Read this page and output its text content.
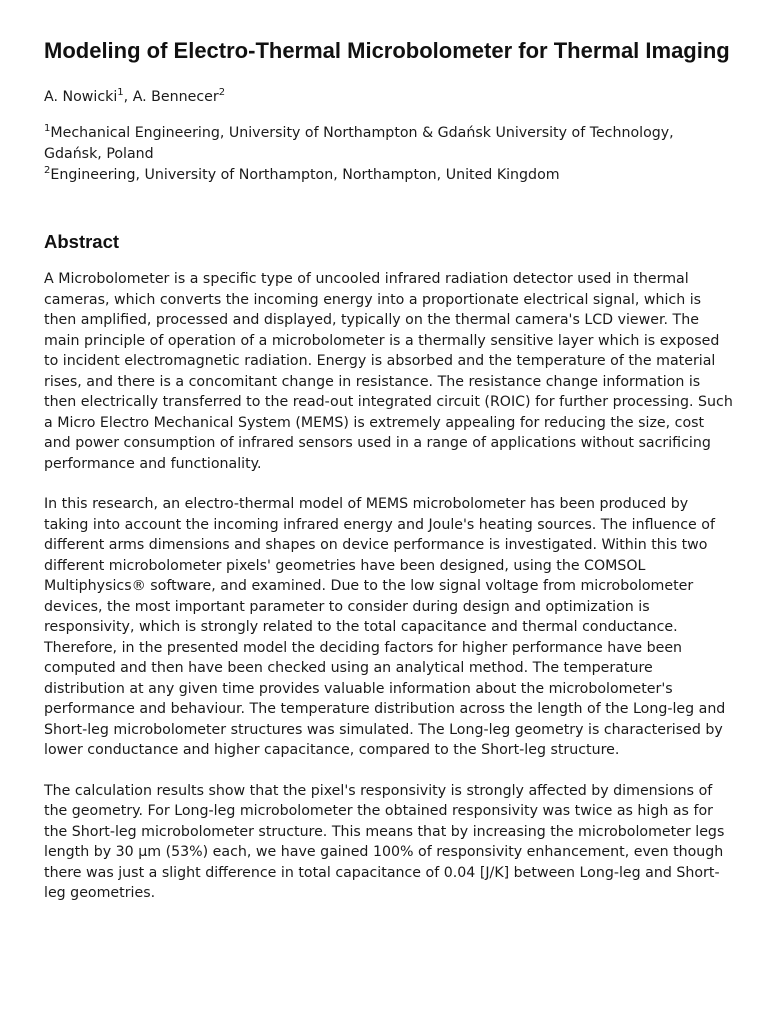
Modeling of Electro-Thermal Microbolometer for Thermal Imaging
A. Nowicki$^1$, A. Bennecer$^2$

$^1$Mechanical Engineering, University of Northampton & Gdańsk University of Technology, Gdańsk, Poland

$^2$Engineering, University of Northampton, Northampton, United Kingdom

Abstract

A Microbolometer is a specific type of uncooled infrared radiation detector used in thermal cameras, which converts the incoming energy into a proportionate electrical signal, which is then amplified, processed and displayed, typically on the thermal camera's LCD viewer. The main principle of operation of a microbolometer is a thermally sensitive layer which is exposed to incident electromagnetic radiation. Energy is absorbed and the temperature of the material rises, and there is a concomitant change in resistance. The resistance change information is then electrically transferred to the read-out integrated circuit (ROIC) for further processing. Such a Micro Electro Mechanical System (MEMS) is extremely appealing for reducing the size, cost and power consumption of infrared sensors used in a range of applications without sacrificing performance and functionality.

In this research, an electro-thermal model of MEMS microbolometer has been produced by taking into account the incoming infrared energy and Joule's heating sources. The influence of different arms dimensions and shapes on device performance is investigated. Within this two different microbolometer pixels' geometries have been designed, using the COMSOL Multiphysics® software, and examined. Due to the low signal voltage from microbolometer devices, the most important parameter to consider during design and optimization is responsivity, which is strongly related to the total capacitance and thermal conductance. Therefore, in the presented model the deciding factors for higher performance have been computed and then have been checked using an analytical method. The temperature distribution at any given time provides valuable information about the microbolometer's performance and behaviour. The temperature distribution across the length of the Long-leg and Short-leg microbolometer structures was simulated. The Long-leg geometry is characterised by lower conductance and higher capacitance, compared to the Short-leg structure.

The calculation results show that the pixel's responsivity is strongly affected by dimensions of the geometry. For Long-leg microbolometer the obtained responsivity was twice as high as for the Short-leg microbolometer structure. This means that by increasing the microbolometer legs length by 30 µm (53%) each, we have gained 100% of responsivity enhancement, even though there was just a slight difference in total capacitance of 0.04 [J/K] between Long-leg and Short-leg geometries.
